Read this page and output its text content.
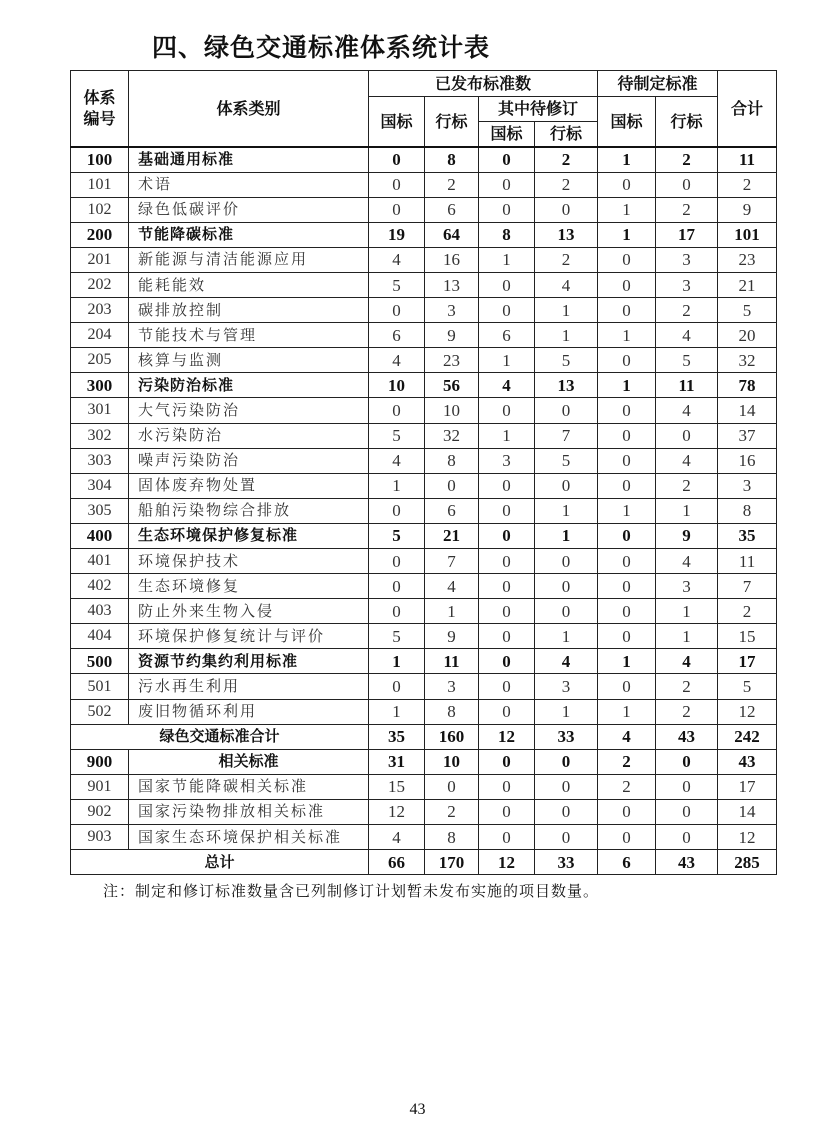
四、绿色交通标准体系统计表
体系
编号	体系类别	已发布标准数				待制定标准		合计
		国标	行标	其中待修订		国标	行标	
				国标	行标			
100	基础通用标准	0	8	0	2	1	2	11
101	术语	0	2	0	2	0	0	2
102	绿色低碳评价	0	6	0	0	1	2	9
200	节能降碳标准	19	64	8	13	1	17	101
201	新能源与清洁能源应用	4	16	1	2	0	3	23
202	能耗能效	5	13	0	4	0	3	21
203	碳排放控制	0	3	0	1	0	2	5
204	节能技术与管理	6	9	6	1	1	4	20
205	核算与监测	4	23	1	5	0	5	32
300	污染防治标准	10	56	4	13	1	11	78
301	大气污染防治	0	10	0	0	0	4	14
302	水污染防治	5	32	1	7	0	0	37
303	噪声污染防治	4	8	3	5	0	4	16
304	固体废弃物处置	1	0	0	0	0	2	3
305	船舶污染物综合排放	0	6	0	1	1	1	8
400	生态环境保护修复标准	5	21	0	1	0	9	35
401	环境保护技术	0	7	0	0	0	4	11
402	生态环境修复	0	4	0	0	0	3	7
403	防止外来生物入侵	0	1	0	0	0	1	2
404	环境保护修复统计与评价	5	9	0	1	0	1	15
500	资源节约集约利用标准	1	11	0	4	1	4	17
501	污水再生利用	0	3	0	3	0	2	5
502	废旧物循环利用	1	8	0	1	1	2	12
绿色交通标准合计		35	160	12	33	4	43	242
900	相关标准	31	10	0	0	2	0	43
901	国家节能降碳相关标准	15	0	0	0	2	0	17
902	国家污染物排放相关标准	12	2	0	0	0	0	14
903	国家生态环境保护相关标准	4	8	0	0	0	0	12
总计		66	170	12	33	6	43	285
注：制定和修订标准数量含已列制修订计划暂未发布实施的项目数量。
43
